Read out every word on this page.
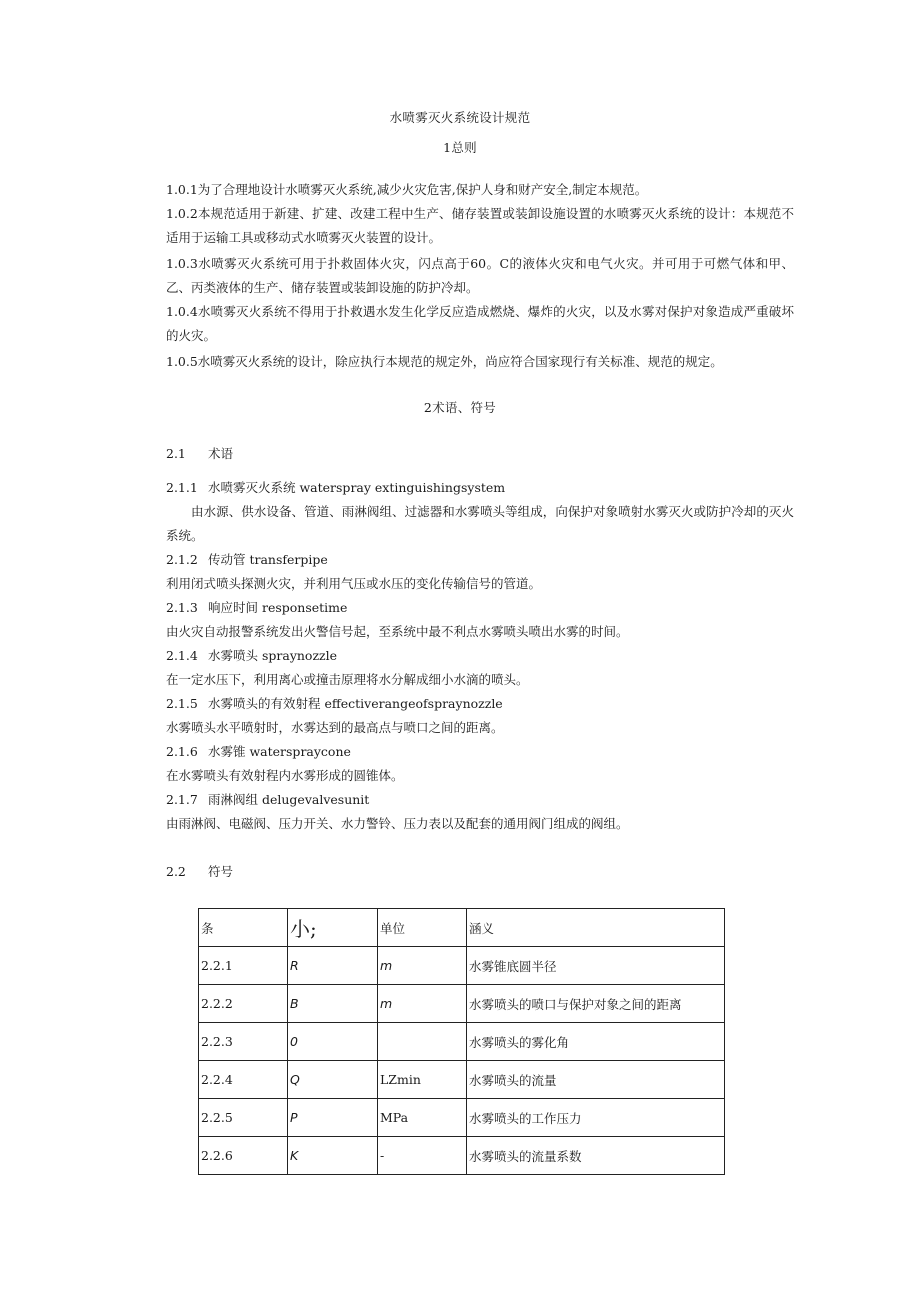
水喷雾灭火系统设计规范
1总则

1.0.1为了合理地设计水喷雾灭火系统,减少火灾危害,保护人身和财产安全,制定本规范。

1.0.2本规范适用于新建、扩建、改建工程中生产、储存装置或装卸设施设置的水喷雾灭火系统的设计：本规范不适用于运输工具或移动式水喷雾灭火装置的设计。

1.0.3水喷雾灭火系统可用于扑救固体火灾，闪点高于60。C的液体火灾和电气火灾。并可用于可燃气体和甲、乙、丙类液体的生产、储存装置或装卸设施的防护冷却。

1.0.4水喷雾灭火系统不得用于扑救遇水发生化学反应造成燃烧、爆炸的火灾，以及水雾对保护对象造成严重破坏的火灾。

1.0.5水喷雾灭火系统的设计，除应执行本规范的规定外，尚应符合国家现行有关标准、规范的规定。

2术语、符号
2.1 术语
2.1.1 水喷雾灭火系统 waterspray extinguishingsystem

由水源、供水设备、管道、雨淋阀组、过滤器和水雾喷头等组成，向保护对象喷射水雾灭火或防护冷却的灭火系统。

2.1.2 传动管 transferpipe
利用闭式喷头探测火灾，并利用气压或水压的变化传输信号的管道。
2.1.3 响应时间 responsetime
由火灾自动报警系统发出火警信号起，至系统中最不利点水雾喷头喷出水雾的时间。
2.1.4 水雾喷头 spraynozzle
在一定水压下，利用离心或撞击原理将水分解成细小水滴的喷头。
2.1.5 水雾喷头的有效射程 effectiverangeofspraynozzle
水雾喷头水平喷射时，水雾达到的最高点与喷口之间的距离。
2.1.6 水雾锥 waterspraycone
在水雾喷头有效射程内水雾形成的圆锥体。
2.1.7 雨淋阀组 delugevalvesunit
由雨淋阀、电磁阀、压力开关、水力警铃、压力表以及配套的通用阀门组成的阀组。
2.2 符号
条	小;	单位	涵义
2.2.1	R	m	水雾锥底圆半径
2.2.2	B	m	水雾喷头的喷口与保护对象之间的距离
2.2.3	0		水雾喷头的雾化角
2.2.4	Q	LZmin	水雾喷头的流量
2.2.5	P	MPa	水雾喷头的工作压力
2.2.6	K	-	水雾喷头的流量系数
